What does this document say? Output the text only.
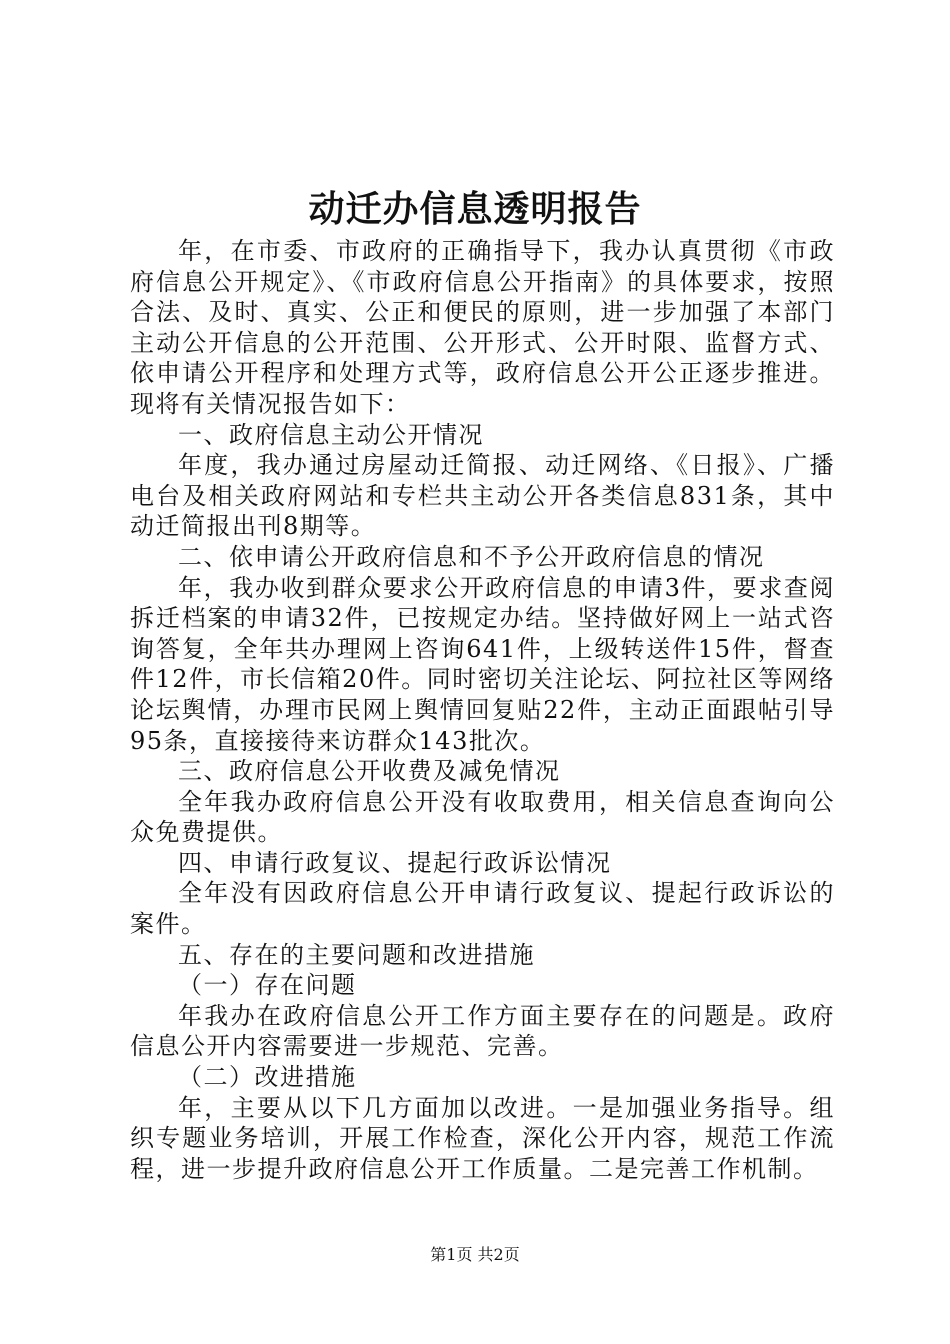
动迁办信息透明报告

年，在市委、市政府的正确指导下，我办认真贯彻《市政府信息公开规定》、《市政府信息公开指南》的具体要求，按照合法、及时、真实、公正和便民的原则，进一步加强了本部门主动公开信息的公开范围、公开形式、公开时限、监督方式、依申请公开程序和处理方式等，政府信息公开公正逐步推进。现将有关情况报告如下：

一、政府信息主动公开情况

年度，我办通过房屋动迁简报、动迁网络、《日报》、广播电台及相关政府网站和专栏共主动公开各类信息831条，其中动迁简报出刊8期等。

二、依申请公开政府信息和不予公开政府信息的情况

年，我办收到群众要求公开政府信息的申请3件，要求查阅拆迁档案的申请32件，已按规定办结。坚持做好网上一站式咨询答复，全年共办理网上咨询641件，上级转送件15件，督查件12件，市长信箱20件。同时密切关注论坛、阿拉社区等网络论坛舆情，办理市民网上舆情回复贴22件，主动正面跟帖引导95条，直接接待来访群众143批次。

三、政府信息公开收费及减免情况

全年我办政府信息公开没有收取费用，相关信息查询向公众免费提供。

四、申请行政复议、提起行政诉讼情况

全年没有因政府信息公开申请行政复议、提起行政诉讼的案件。

五、存在的主要问题和改进措施

（一）存在问题

年我办在政府信息公开工作方面主要存在的问题是。政府信息公开内容需要进一步规范、完善。

（二）改进措施

年，主要从以下几方面加以改进。一是加强业务指导。组织专题业务培训，开展工作检查，深化公开内容，规范工作流程，进一步提升政府信息公开工作质量。二是完善工作机制。

第1页 共2页
